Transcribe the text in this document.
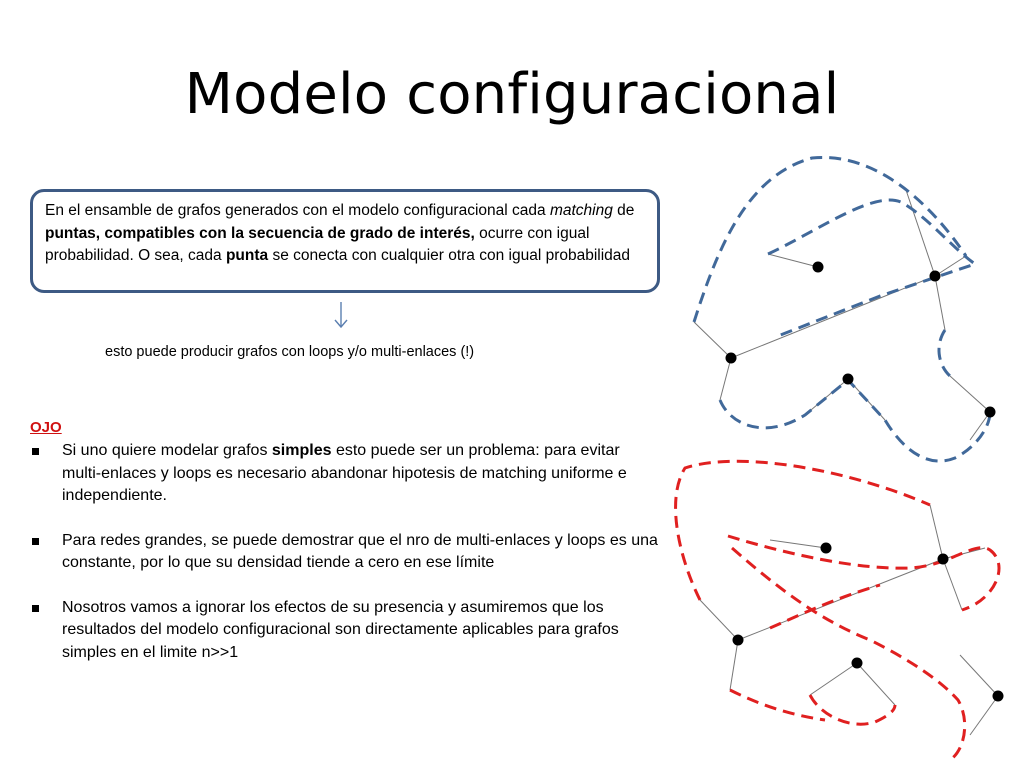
Modelo configuracional
En el ensamble de grafos generados con el modelo configuracional cada matching de puntas, compatibles con la secuencia de grado de interés, ocurre con igual probabilidad. O sea, cada punta se conecta con cualquier otra con igual probabilidad
esto puede producir grafos con loops y/o multi-enlaces (!)
OJO
Si uno quiere modelar grafos simples esto puede ser un problema: para evitar multi-enlaces y loops es necesario abandonar hipotesis de matching uniforme e independiente.
Para redes grandes, se puede demostrar que el nro de multi-enlaces y loops es una constante, por lo que su densidad tiende a cero en ese límite
Nosotros vamos a ignorar los efectos de su presencia y asumiremos que los resultados del modelo configuracional son directamente aplicables para grafos simples en el limite n>>1
